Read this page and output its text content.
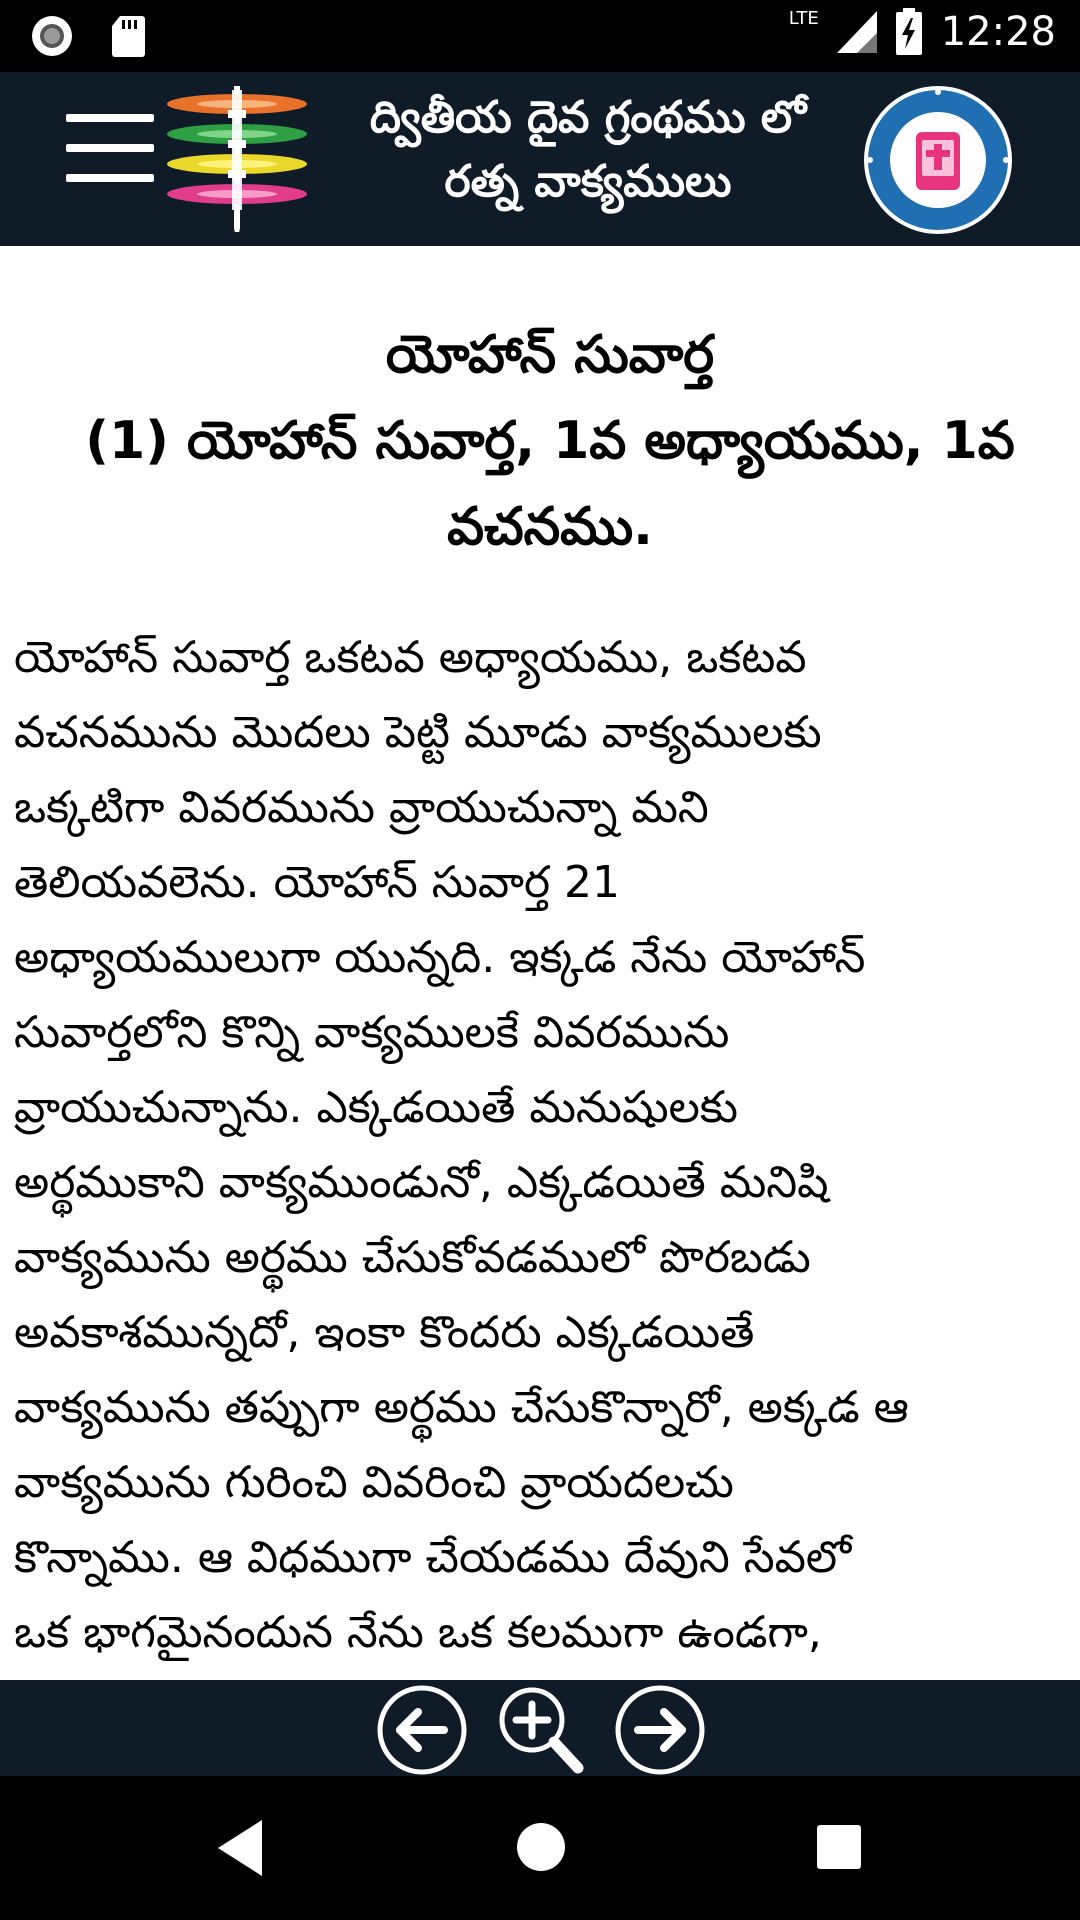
LTE	12:28
ద్వితీయ దైవ గ్రంథము లో
రత్న వాక్యములు
యోహాన్ సువార్త
(1) యోహాన్ సువార్త, 1వ అధ్యాయము, 1వ
వచనము.
యోహాన్ సువార్త ఒకటవ అధ్యాయము, ఒకటవ
వచనమును మొదలు పెట్టి మూడు వాక్యములకు
ఒక్కటిగా వివరమును వ్రాయుచున్నా మని
తెలియవలెను. యోహాన్ సువార్త 21
అధ్యాయములుగా యున్నది. ఇక్కడ నేను యోహాన్
సువార్తలోని కొన్ని వాక్యములకే వివరమును
వ్రాయుచున్నాను. ఎక్కడయితే మనుషులకు
అర్థముకాని వాక్యముండునో, ఎక్కడయితే మనిషి
వాక్యమును అర్థము చేసుకోవడములో పొరబడు
అవకాశమున్నదో, ఇంకా కొందరు ఎక్కడయితే
వాక్యమును తప్పుగా అర్థము చేసుకొన్నారో, అక్కడ ఆ
వాక్యమును గురించి వివరించి వ్రాయదలచు
కొన్నాము. ఆ విధముగా చేయడము దేవుని సేవలో
ఒక భాగమైనందున నేను ఒక కలముగా ఉండగా,
